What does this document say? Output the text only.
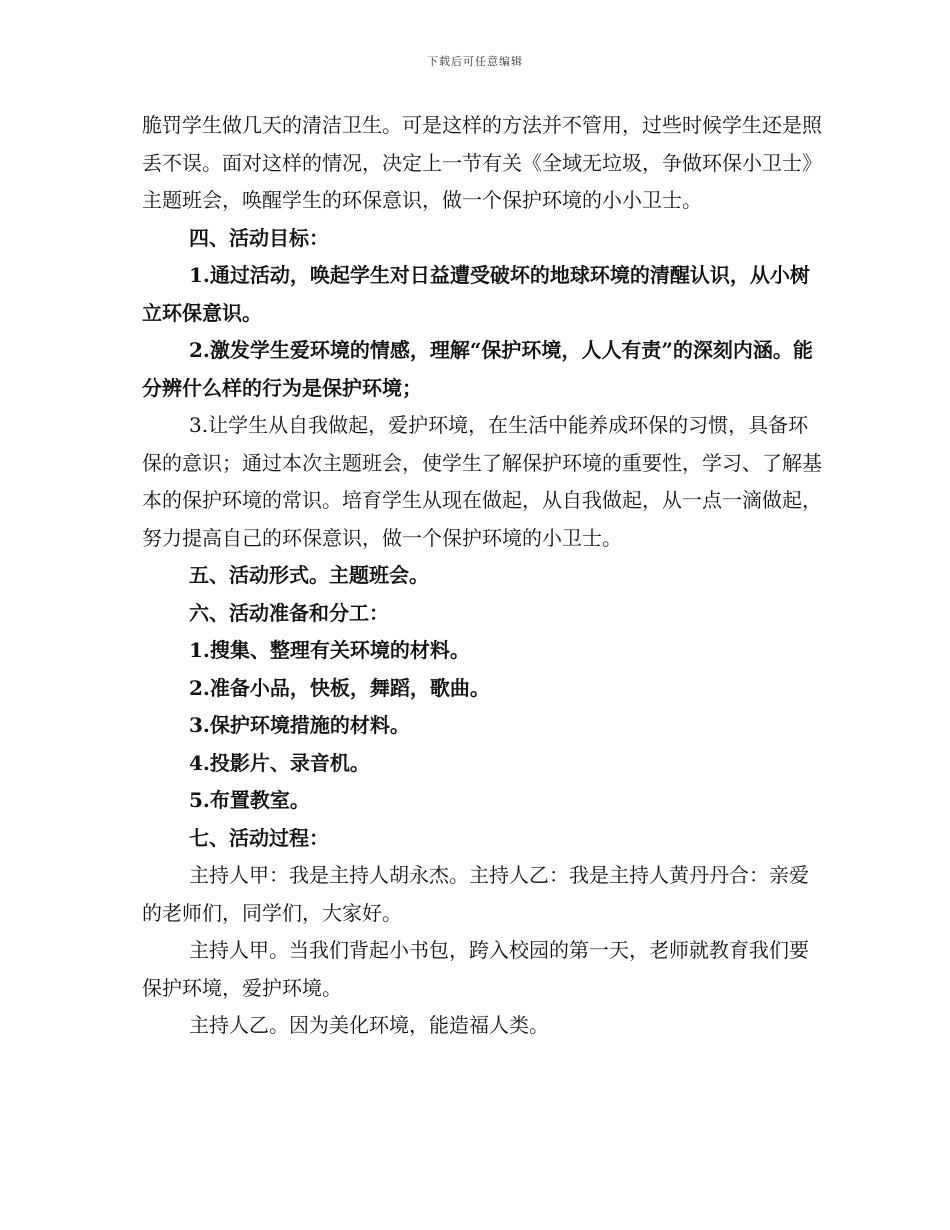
下载后可任意编辑

脆罚学生做几天的清洁卫生。可是这样的方法并不管用，过些时候学生还是照丢不误。面对这样的情况，决定上一节有关《全域无垃圾，争做环保小卫士》主题班会，唤醒学生的环保意识，做一个保护环境的小小卫士。

四、活动目标：

1.通过活动，唤起学生对日益遭受破坏的地球环境的清醒认识，从小树立环保意识。

2.激发学生爱环境的情感，理解“保护环境，人人有责”的深刻内涵。能分辨什么样的行为是保护环境；

3.让学生从自我做起，爱护环境，在生活中能养成环保的习惯，具备环保的意识；通过本次主题班会，使学生了解保护环境的重要性，学习、了解基本的保护环境的常识。培育学生从现在做起，从自我做起，从一点一滴做起，努力提高自己的环保意识，做一个保护环境的小卫士。

五、活动形式。主题班会。

六、活动准备和分工：

1.搜集、整理有关环境的材料。

2.准备小品，快板，舞蹈，歌曲。

3.保护环境措施的材料。

4.投影片、录音机。

5.布置教室。

七、活动过程：

主持人甲：我是主持人胡永杰。主持人乙：我是主持人黄丹丹合：亲爱的老师们，同学们，大家好。

主持人甲。当我们背起小书包，跨入校园的第一天，老师就教育我们要保护环境，爱护环境。

主持人乙。因为美化环境，能造福人类。
